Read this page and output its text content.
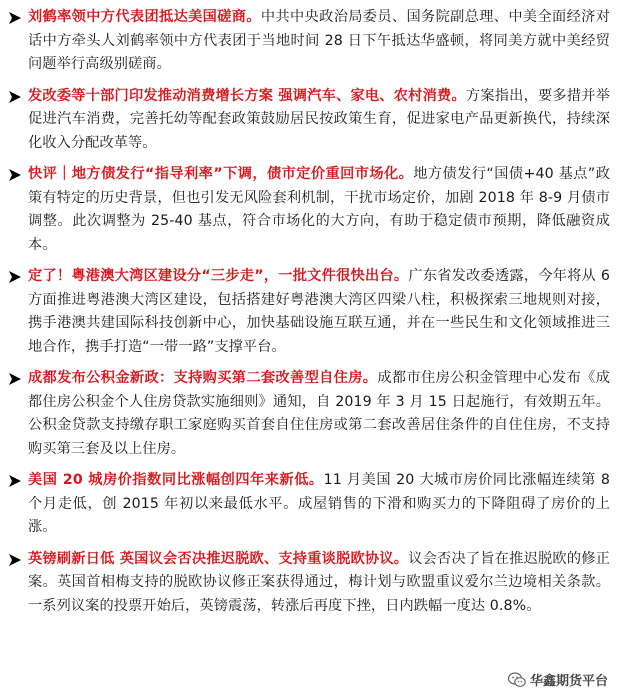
刘鹤率领中方代表团抵达美国磋商。中共中央政治局委员、国务院副总理、中美全面经济对话中方牵头人刘鹤率领中方代表团于当地时间 28 日下午抵达华盛顿，将同美方就中美经贸问题举行高级别磋商。
发改委等十部门印发推动消费增长方案 强调汽车、家电、农村消费。方案指出，要多措并举促进汽车消费，完善托幼等配套政策鼓励居民按政策生育，促进家电产品更新换代，持续深化收入分配改革等。
快评｜地方债发行“指导利率”下调，债市定价重回市场化。地方债发行“国债+40 基点”政策有特定的历史背景，但也引发无风险套利机制，干扰市场定价，加剧 2018 年 8-9 月债市调整。此次调整为 25-40 基点，符合市场化的大方向，有助于稳定债市预期，降低融资成本。
定了！粤港澳大湾区建设分“三步走”，一批文件很快出台。广东省发改委透露，今年将从 6 方面推进粤港澳大湾区建设，包括搭建好粤港澳大湾区四梁八柱，积极探索三地规则对接，携手港澳共建国际科技创新中心，加快基础设施互联互通，并在一些民生和文化领域推进三地合作，携手打造“一带一路”支撑平台。
成都发布公积金新政：支持购买第二套改善型自住房。成都市住房公积金管理中心发布《成都住房公积金个人住房贷款实施细则》通知，自 2019 年 3 月 15 日起施行，有效期五年。公积金贷款支持缴存职工家庭购买首套自住住房或第二套改善居住条件的自住住房，不支持购买第三套及以上住房。
美国 20 城房价指数同比涨幅创四年来新低。11 月美国 20 大城市房价同比涨幅连续第 8 个月走低，创 2015 年初以来最低水平。成屋销售的下滑和购买力的下降阻碍了房价的上涨。
英镑刷新日低 英国议会否决推迟脱欧、支持重谈脱欧协议。议会否决了旨在推迟脱欧的修正案。英国首相梅支持的脱欧协议修正案获得通过，梅计划与欧盟重议爱尔兰边境相关条款。一系列议案的投票开始后，英镑震荡，转涨后再度下挫，日内跌幅一度达 0.8%。
华鑫期货平台
